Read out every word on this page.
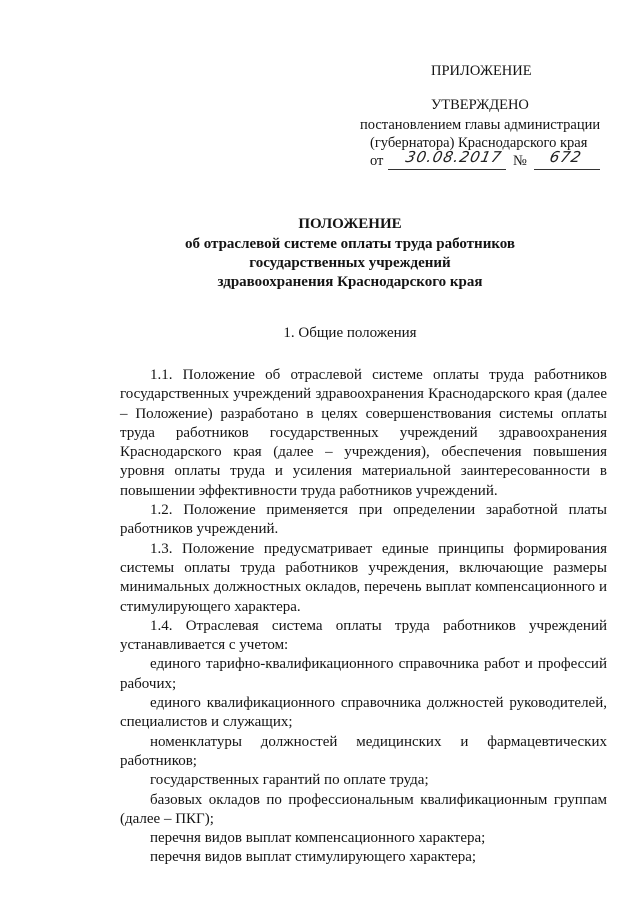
ПРИЛОЖЕНИЕ
УТВЕРЖДЕНО
постановлением главы администрации
(губернатора) Краснодарского края
от 30.08.2017 № 672
ПОЛОЖЕНИЕ
об отраслевой системе оплаты труда работников
государственных учреждений
здравоохранения Краснодарского края
1. Общие положения

1.1. Положение об отраслевой системе оплаты труда работников государственных учреждений здравоохранения Краснодарского края (далее – Положение) разработано в целях совершенствования системы оплаты труда работников государственных учреждений здравоохранения Краснодарского края (далее – учреждения), обеспечения повышения уровня оплаты труда и усиления материальной заинтересованности в повышении эффективности труда работников учреждений.

1.2. Положение применяется при определении заработной платы работников учреждений.

1.3. Положение предусматривает единые принципы формирования системы оплаты труда работников учреждения, включающие размеры минимальных должностных окладов, перечень выплат компенсационного и стимулирующего характера.

1.4. Отраслевая система оплаты труда работников учреждений устанавливается с учетом:

единого тарифно-квалификационного справочника работ и профессий рабочих;

единого квалификационного справочника должностей руководителей, специалистов и служащих;

номенклатуры должностей медицинских и фармацевтических работников;

государственных гарантий по оплате труда;

базовых окладов по профессиональным квалификационным группам (далее – ПКГ);

перечня видов выплат компенсационного характера;

перечня видов выплат стимулирующего характера;
